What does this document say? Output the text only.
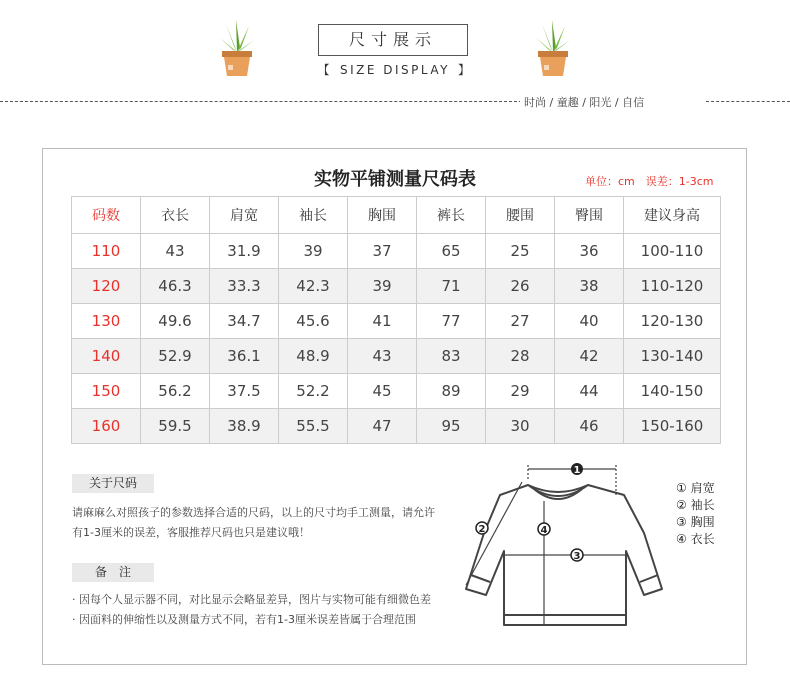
尺寸展示
【 SIZE DISPLAY 】
时尚 / 童趣 / 阳光 / 自信
实物平铺测量尺码表	单位：cm　误差：1-3cm
码数	衣长	肩宽	袖长	胸围	裤长	腰围	臀围	建议身高
110	43	31.9	39	37	65	25	36	100-110
120	46.3	33.3	42.3	39	71	26	38	110-120
130	49.6	34.7	45.6	41	77	27	40	120-130
140	52.9	36.1	48.9	43	83	28	42	130-140
150	56.2	37.5	52.2	45	89	29	44	140-150
160	59.5	38.9	55.5	47	95	30	46	150-160
关于尺码
请麻麻么对照孩子的参数选择合适的尺码，以上的尺寸均手工测量，请允许
有1-3厘米的误差，客服推荐尺码也只是建议哦！
备　注
· 因每个人显示器不同，对比显示会略显差异，图片与实物可能有细微色差
· 因面料的伸缩性以及测量方式不同，若有1-3厘米误差皆属于合理范围
1
2
3
4
① 肩宽
② 袖长
③ 胸围
④ 衣长
